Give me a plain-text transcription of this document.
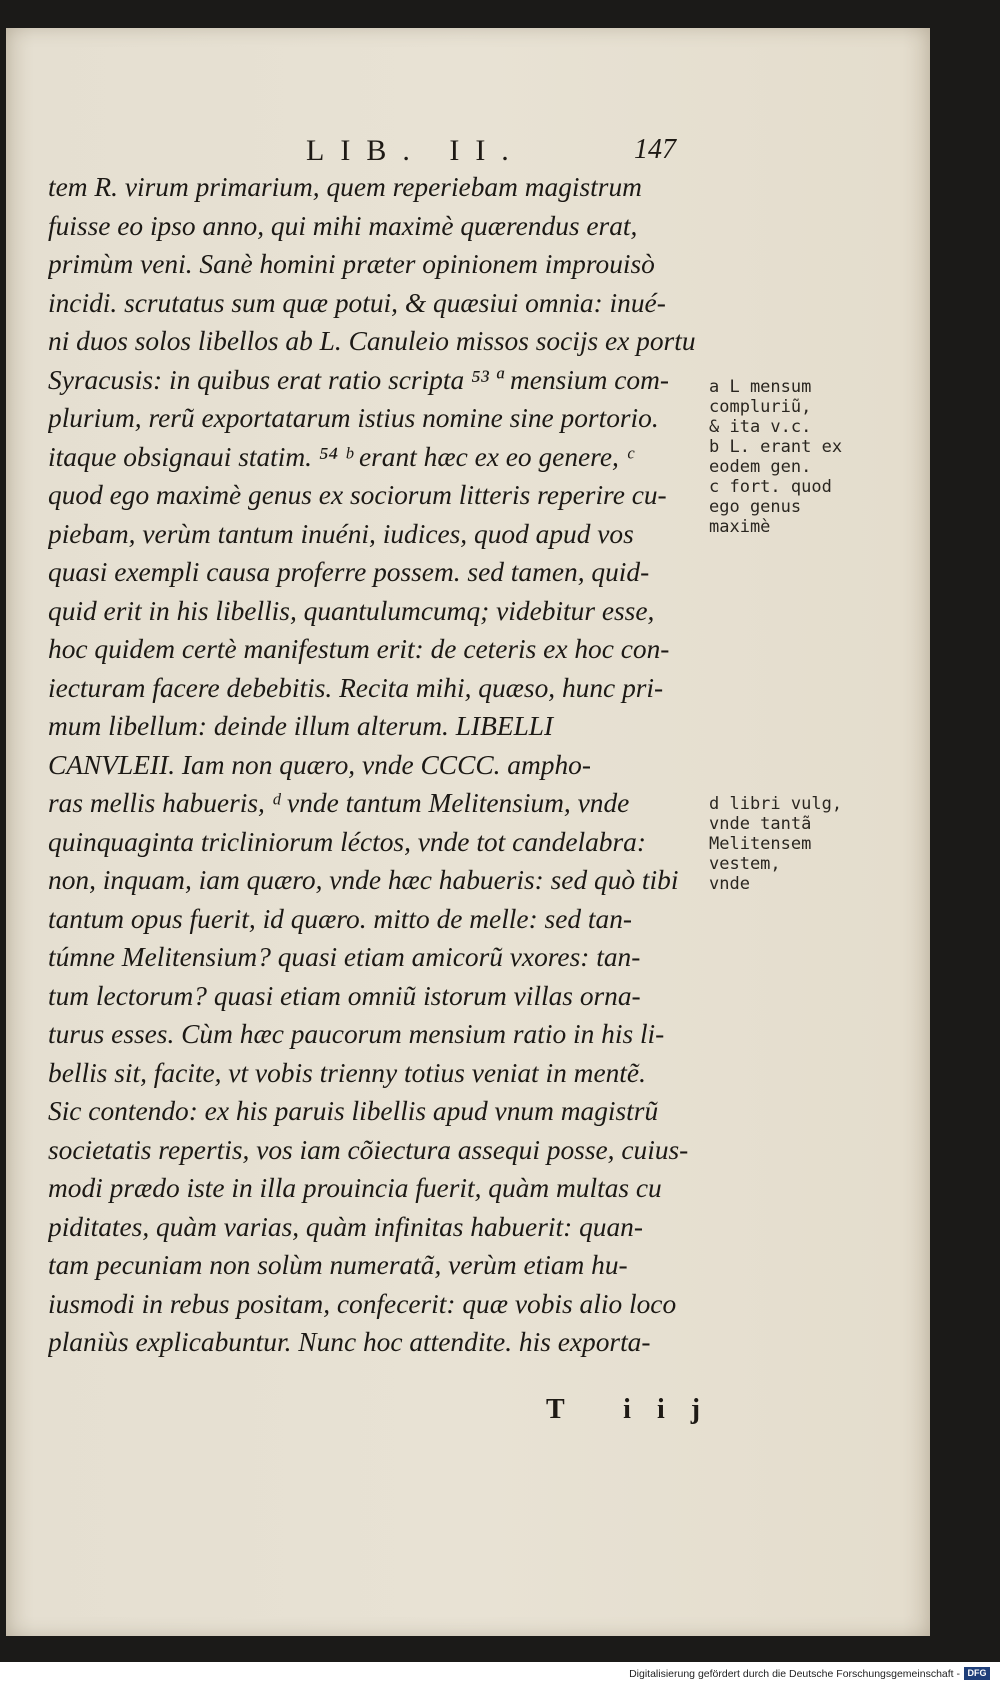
LIB. II.	147
tem R. virum primarium, quem reperiebam magistrum
fuisse eo ipso anno, qui mihi maximè quærendus erat,
primùm veni. Sanè homini præter opinionem improuisò
incidi. scrutatus sum quæ potui, & quæsiui omnia: inué-
ni duos solos libellos ab L. Canuleio missos socijs ex portu
Syracusis: in quibus erat ratio scripta ⁵³ ª mensium com-
plurium, rerũ exportatarum istius nomine sine portorio.
itaque obsignaui statim. ⁵⁴ ᵇ erant hæc ex eo genere, ᶜ
quod ego maximè genus ex sociorum litteris reperire cu-
piebam, verùm tantum inuéni, iudices, quod apud vos
quasi exempli causa proferre possem. sed tamen, quid-
quid erit in his libellis, quantulumcumq; videbitur esse,
hoc quidem certè manifestum erit: de ceteris ex hoc con-
iecturam facere debebitis. Recita mihi, quæso, hunc pri-
mum libellum: deinde illum alterum. LIBELLI
CANVLEII. Iam non quæro, vnde CCCC. ampho-
ras mellis habueris, ᵈ vnde tantum Melitensium, vnde
quinquaginta tricliniorum léctos, vnde tot candelabra:
non, inquam, iam quæro, vnde hæc habueris: sed quò tibi
tantum opus fuerit, id quæro. mitto de melle: sed tan-
túmne Melitensium? quasi etiam amicorũ vxores: tan-
tum lectorum? quasi etiam omniũ istorum villas ornа-
turus esses. Cùm hæc paucorum mensium ratio in his li-
bellis sit, facite, vt vobis trienny totius veniat in mentẽ.
Sic contendo: ex his paruis libellis apud vnum magistrũ
societatis repertis, vos iam cõiectura assequi posse, cuius-
modi prædo iste in illa prouincia fuerit, quàm multas cu
piditates, quàm varias, quàm infinitas habuerit: quan-
tam pecuniam non solùm numeratã, verùm etiam hu-
iusmodi in rebus positam, confecerit: quæ vobis alio loco
planiùs explicabuntur. Nunc hoc attendite. his exporta-
a L mensum
compluriũ,
& ita v.c.
b L. erant ex
eodem gen.
c fort. quod
ego genus
maximè
d libri vulg,
vnde tantã
Melitensem
vestem,
vnde
T iij
Digitalisierung gefördert durch die Deutsche Forschungsgemeinschaft - DFG
